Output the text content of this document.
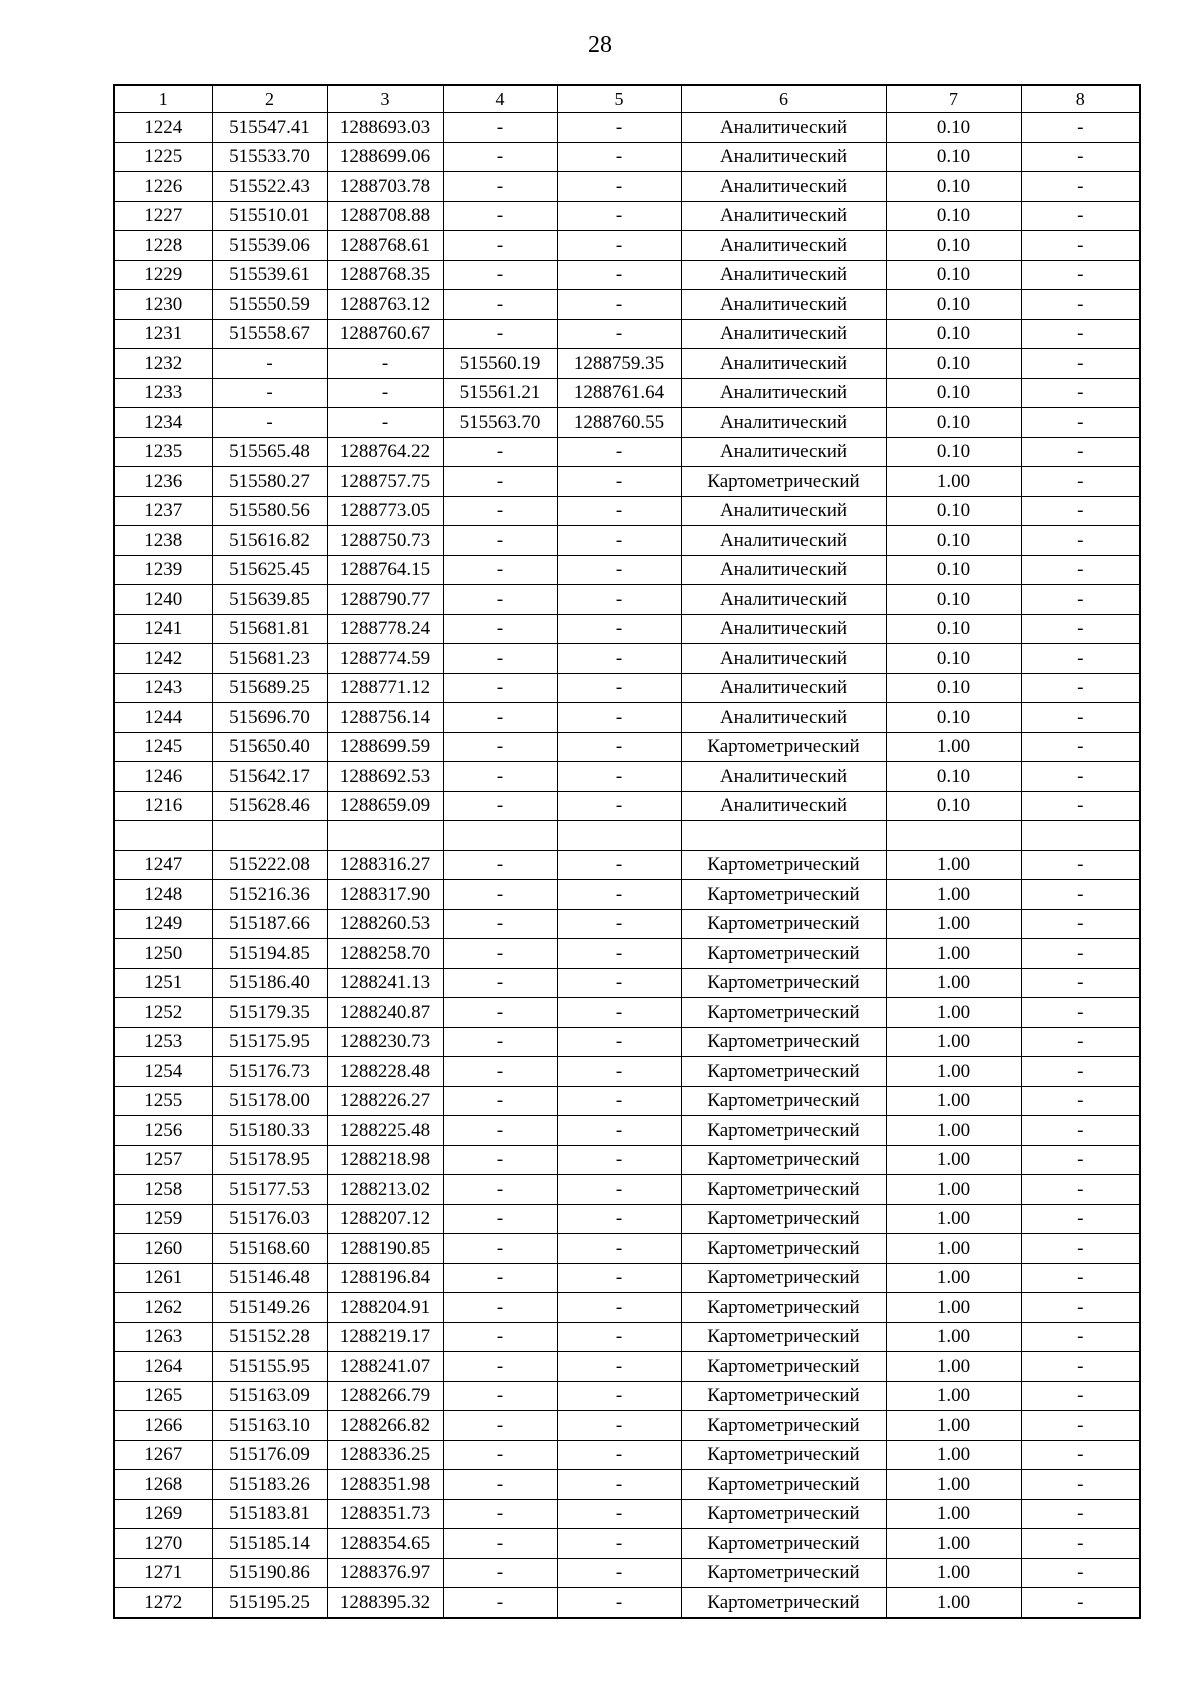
28
1	2	3	4	5	6	7	8
1224	515547.41	1288693.03	-	-	Аналитический	0.10	-
1225	515533.70	1288699.06	-	-	Аналитический	0.10	-
1226	515522.43	1288703.78	-	-	Аналитический	0.10	-
1227	515510.01	1288708.88	-	-	Аналитический	0.10	-
1228	515539.06	1288768.61	-	-	Аналитический	0.10	-
1229	515539.61	1288768.35	-	-	Аналитический	0.10	-
1230	515550.59	1288763.12	-	-	Аналитический	0.10	-
1231	515558.67	1288760.67	-	-	Аналитический	0.10	-
1232	-	-	515560.19	1288759.35	Аналитический	0.10	-
1233	-	-	515561.21	1288761.64	Аналитический	0.10	-
1234	-	-	515563.70	1288760.55	Аналитический	0.10	-
1235	515565.48	1288764.22	-	-	Аналитический	0.10	-
1236	515580.27	1288757.75	-	-	Картометрический	1.00	-
1237	515580.56	1288773.05	-	-	Аналитический	0.10	-
1238	515616.82	1288750.73	-	-	Аналитический	0.10	-
1239	515625.45	1288764.15	-	-	Аналитический	0.10	-
1240	515639.85	1288790.77	-	-	Аналитический	0.10	-
1241	515681.81	1288778.24	-	-	Аналитический	0.10	-
1242	515681.23	1288774.59	-	-	Аналитический	0.10	-
1243	515689.25	1288771.12	-	-	Аналитический	0.10	-
1244	515696.70	1288756.14	-	-	Аналитический	0.10	-
1245	515650.40	1288699.59	-	-	Картометрический	1.00	-
1246	515642.17	1288692.53	-	-	Аналитический	0.10	-
1216	515628.46	1288659.09	-	-	Аналитический	0.10	-

1247	515222.08	1288316.27	-	-	Картометрический	1.00	-
1248	515216.36	1288317.90	-	-	Картометрический	1.00	-
1249	515187.66	1288260.53	-	-	Картометрический	1.00	-
1250	515194.85	1288258.70	-	-	Картометрический	1.00	-
1251	515186.40	1288241.13	-	-	Картометрический	1.00	-
1252	515179.35	1288240.87	-	-	Картометрический	1.00	-
1253	515175.95	1288230.73	-	-	Картометрический	1.00	-
1254	515176.73	1288228.48	-	-	Картометрический	1.00	-
1255	515178.00	1288226.27	-	-	Картометрический	1.00	-
1256	515180.33	1288225.48	-	-	Картометрический	1.00	-
1257	515178.95	1288218.98	-	-	Картометрический	1.00	-
1258	515177.53	1288213.02	-	-	Картометрический	1.00	-
1259	515176.03	1288207.12	-	-	Картометрический	1.00	-
1260	515168.60	1288190.85	-	-	Картометрический	1.00	-
1261	515146.48	1288196.84	-	-	Картометрический	1.00	-
1262	515149.26	1288204.91	-	-	Картометрический	1.00	-
1263	515152.28	1288219.17	-	-	Картометрический	1.00	-
1264	515155.95	1288241.07	-	-	Картометрический	1.00	-
1265	515163.09	1288266.79	-	-	Картометрический	1.00	-
1266	515163.10	1288266.82	-	-	Картометрический	1.00	-
1267	515176.09	1288336.25	-	-	Картометрический	1.00	-
1268	515183.26	1288351.98	-	-	Картометрический	1.00	-
1269	515183.81	1288351.73	-	-	Картометрический	1.00	-
1270	515185.14	1288354.65	-	-	Картометрический	1.00	-
1271	515190.86	1288376.97	-	-	Картометрический	1.00	-
1272	515195.25	1288395.32	-	-	Картометрический	1.00	-
